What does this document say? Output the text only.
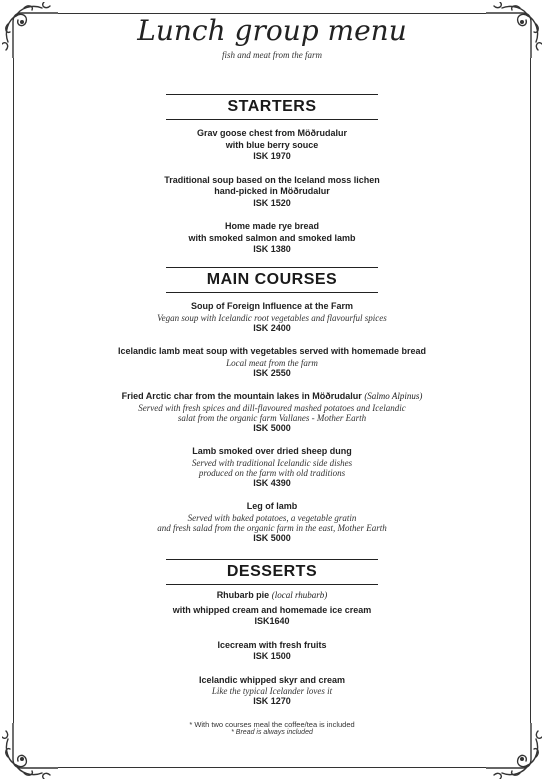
Lunch group menu
fish and meat from the farm
STARTERS
Grav goose chest from Möðrudalur
with blue berry souce
ISK 1970
Traditional soup based on the Iceland moss lichen
hand-picked in Möðrudalur
ISK 1520
Home made rye bread
with smoked salmon and smoked lamb
ISK 1380
MAIN COURSES
Soup of Foreign Influence at the Farm
Vegan soup with Icelandic root vegetables and flavourful spices
ISK 2400
Icelandic lamb meat soup with vegetables served with homemade bread
Local meat from the farm
ISK 2550
Fried Arctic char from the mountain lakes in Möðrudalur (Salmo Alpinus)
Served with fresh spices and dill-flavoured mashed potatoes and Icelandic
salat from the organic farm Vallanes - Mother Earth
ISK 5000
Lamb smoked over dried sheep dung
Served with traditional Icelandic side dishes
produced on the farm with old traditions
ISK 4390
Leg of lamb
Served with baked potatoes, a vegetable gratin
and fresh salad from the organic farm in the east, Mother Earth
ISK 5000
DESSERTS
Rhubarb pie (local rhubarb)
with whipped cream and homemade ice cream
ISK1640
Icecream with fresh fruits
ISK 1500
Icelandic whipped skyr and cream
Like the typical Icelander loves it
ISK 1270
* With two courses meal the coffee/tea is included
* Bread is always included
